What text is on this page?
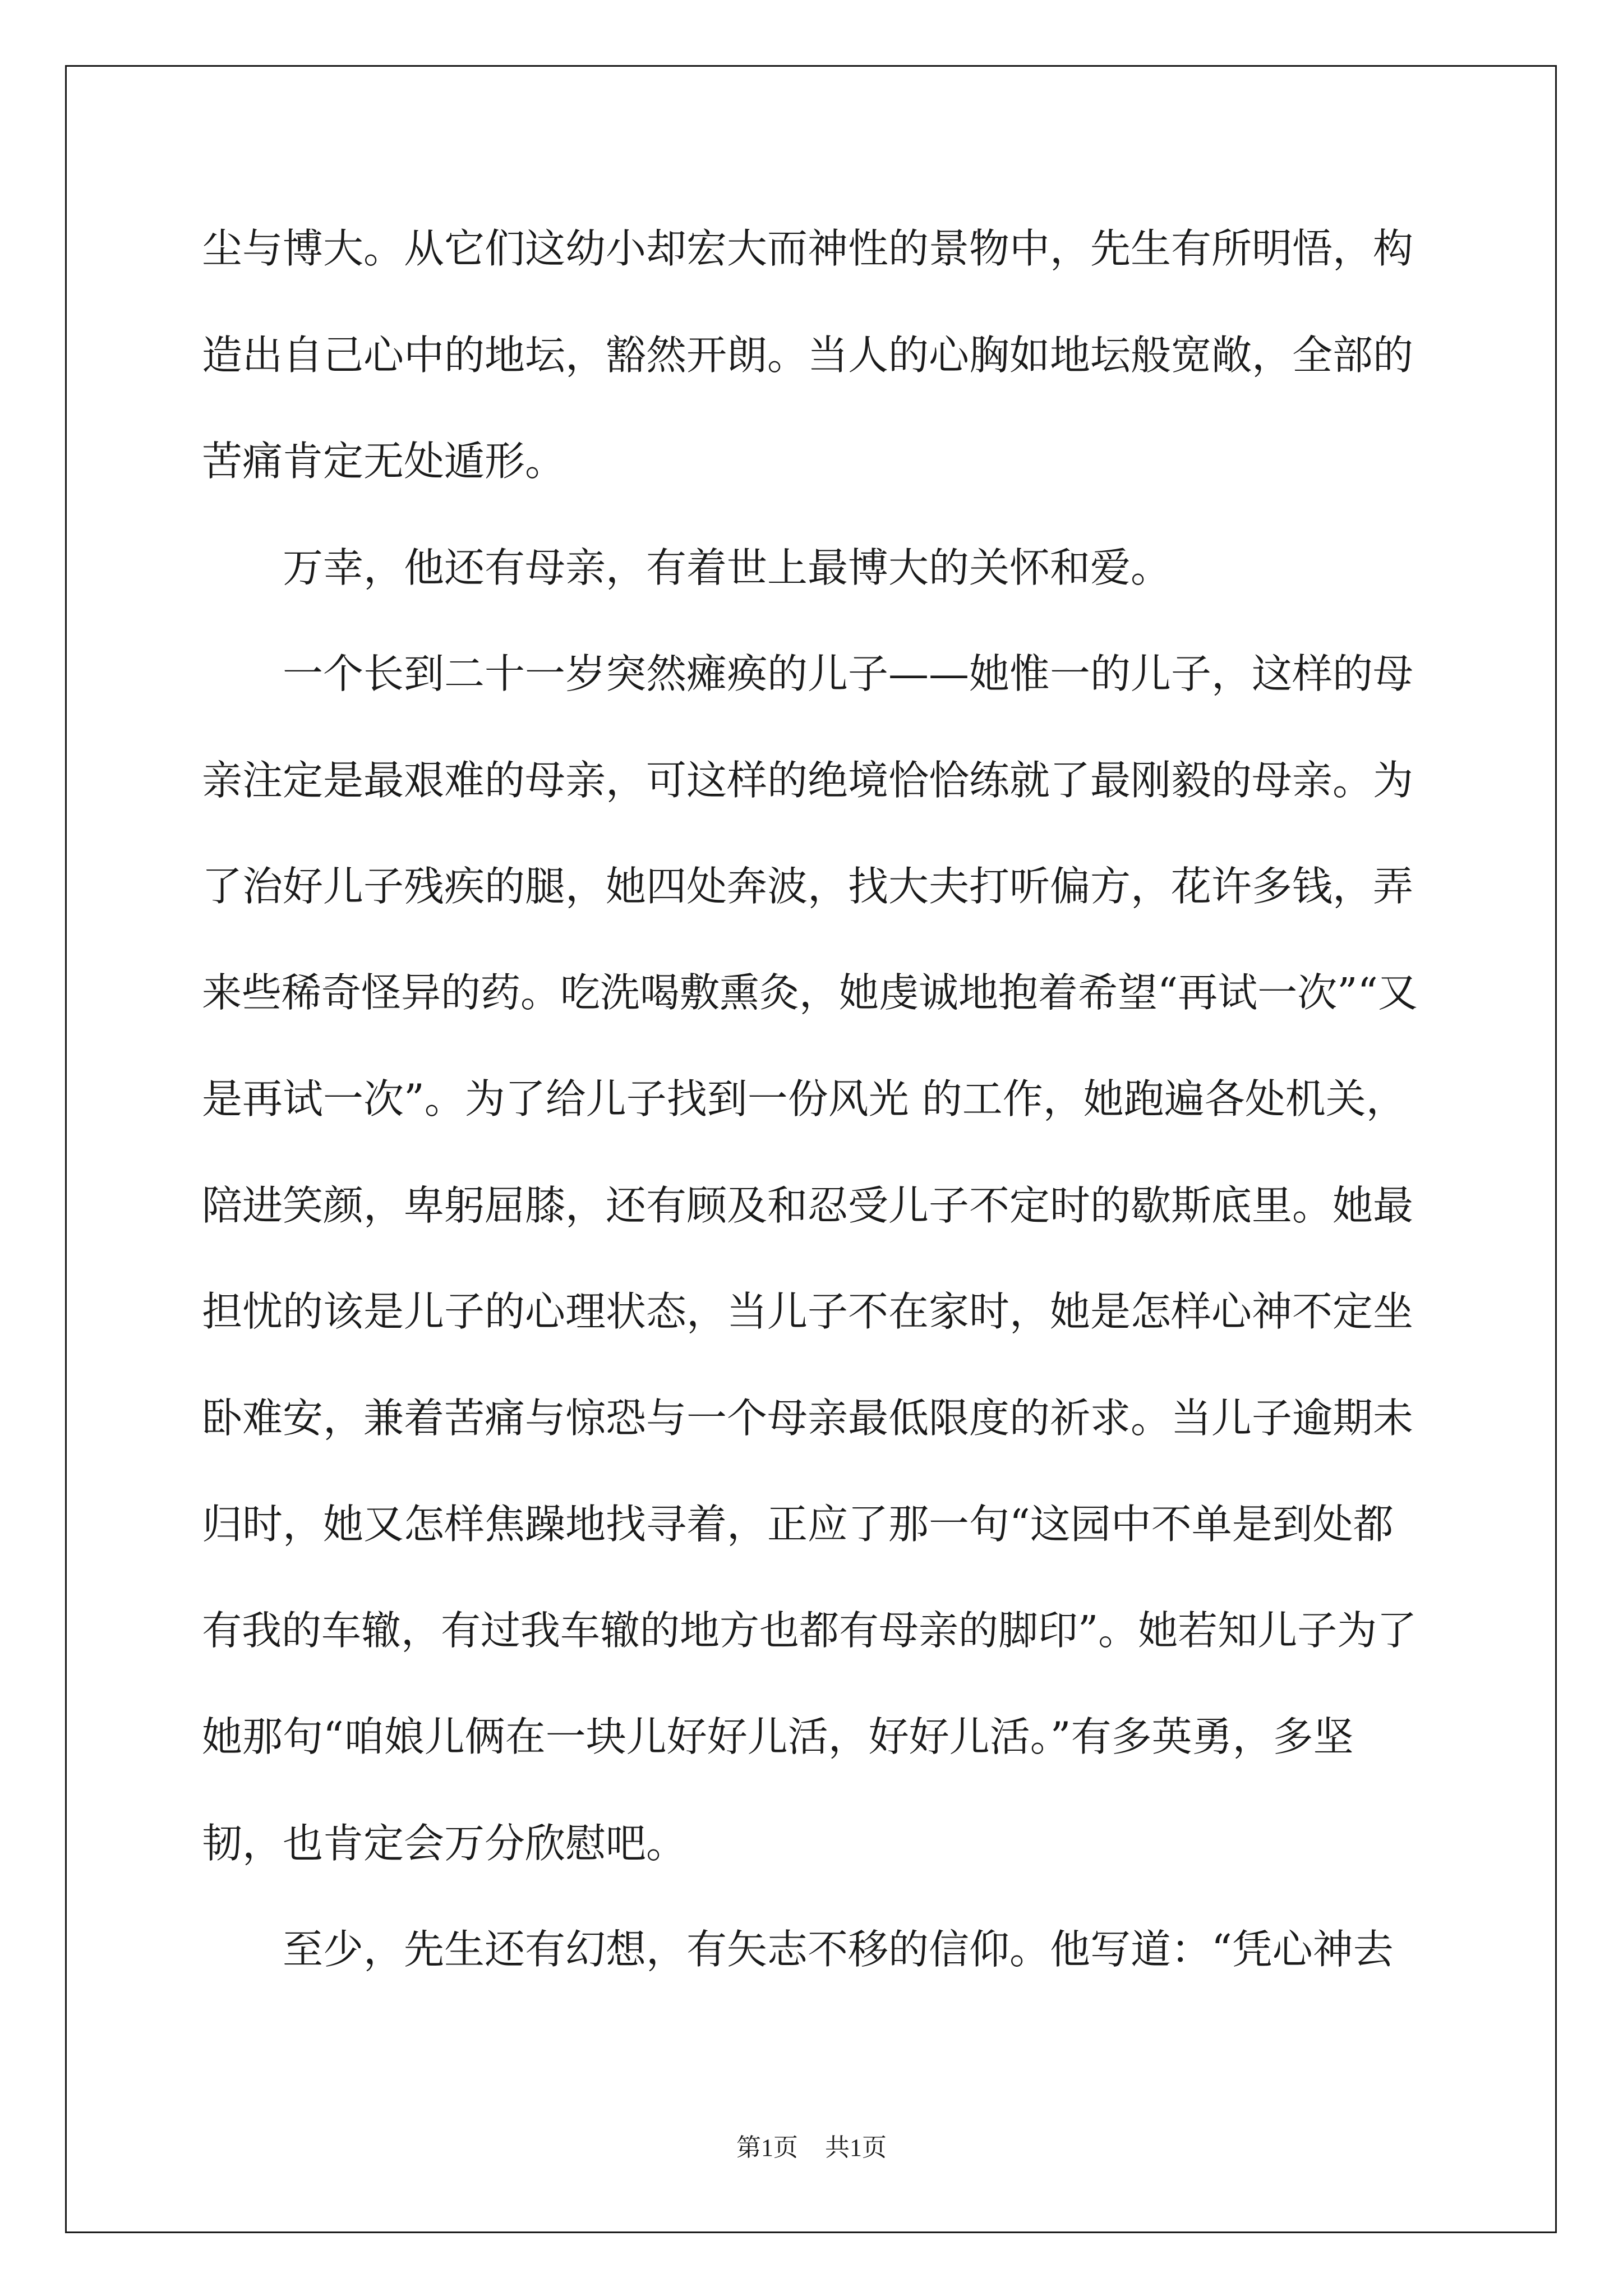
尘与博大。从它们这幼小却宏大而神性的景物中，先生有所明悟，构
造出自己心中的地坛，豁然开朗。当人的心胸如地坛般宽敞，全部的
苦痛肯定无处遁形。
万幸，他还有母亲，有着世上最博大的关怀和爱。
一个长到二十一岁突然瘫痪的儿子——她惟一的儿子，这样的母
亲注定是最艰难的母亲，可这样的绝境恰恰练就了最刚毅的母亲。为
了治好儿子残疾的腿，她四处奔波，找大夫打听偏方，花许多钱，弄
来些稀奇怪异的药。吃洗喝敷熏灸，她虔诚地抱着希望“再试一次”“又
是再试一次”。为了给儿子找到一份风光 的工作，她跑遍各处机关，
陪进笑颜，卑躬屈膝，还有顾及和忍受儿子不定时的歇斯底里。她最
担忧的该是儿子的心理状态，当儿子不在家时，她是怎样心神不定坐
卧难安，兼着苦痛与惊恐与一个母亲最低限度的祈求。当儿子逾期未
归时，她又怎样焦躁地找寻着，正应了那一句“这园中不单是到处都
有我的车辙，有过我车辙的地方也都有母亲的脚印”。她若知儿子为了
她那句“咱娘儿俩在一块儿好好儿活，好好儿活。”有多英勇，多坚
韧，也肯定会万分欣慰吧。
至少，先生还有幻想，有矢志不移的信仰。他写道：“凭心神去
第1页 共1页
